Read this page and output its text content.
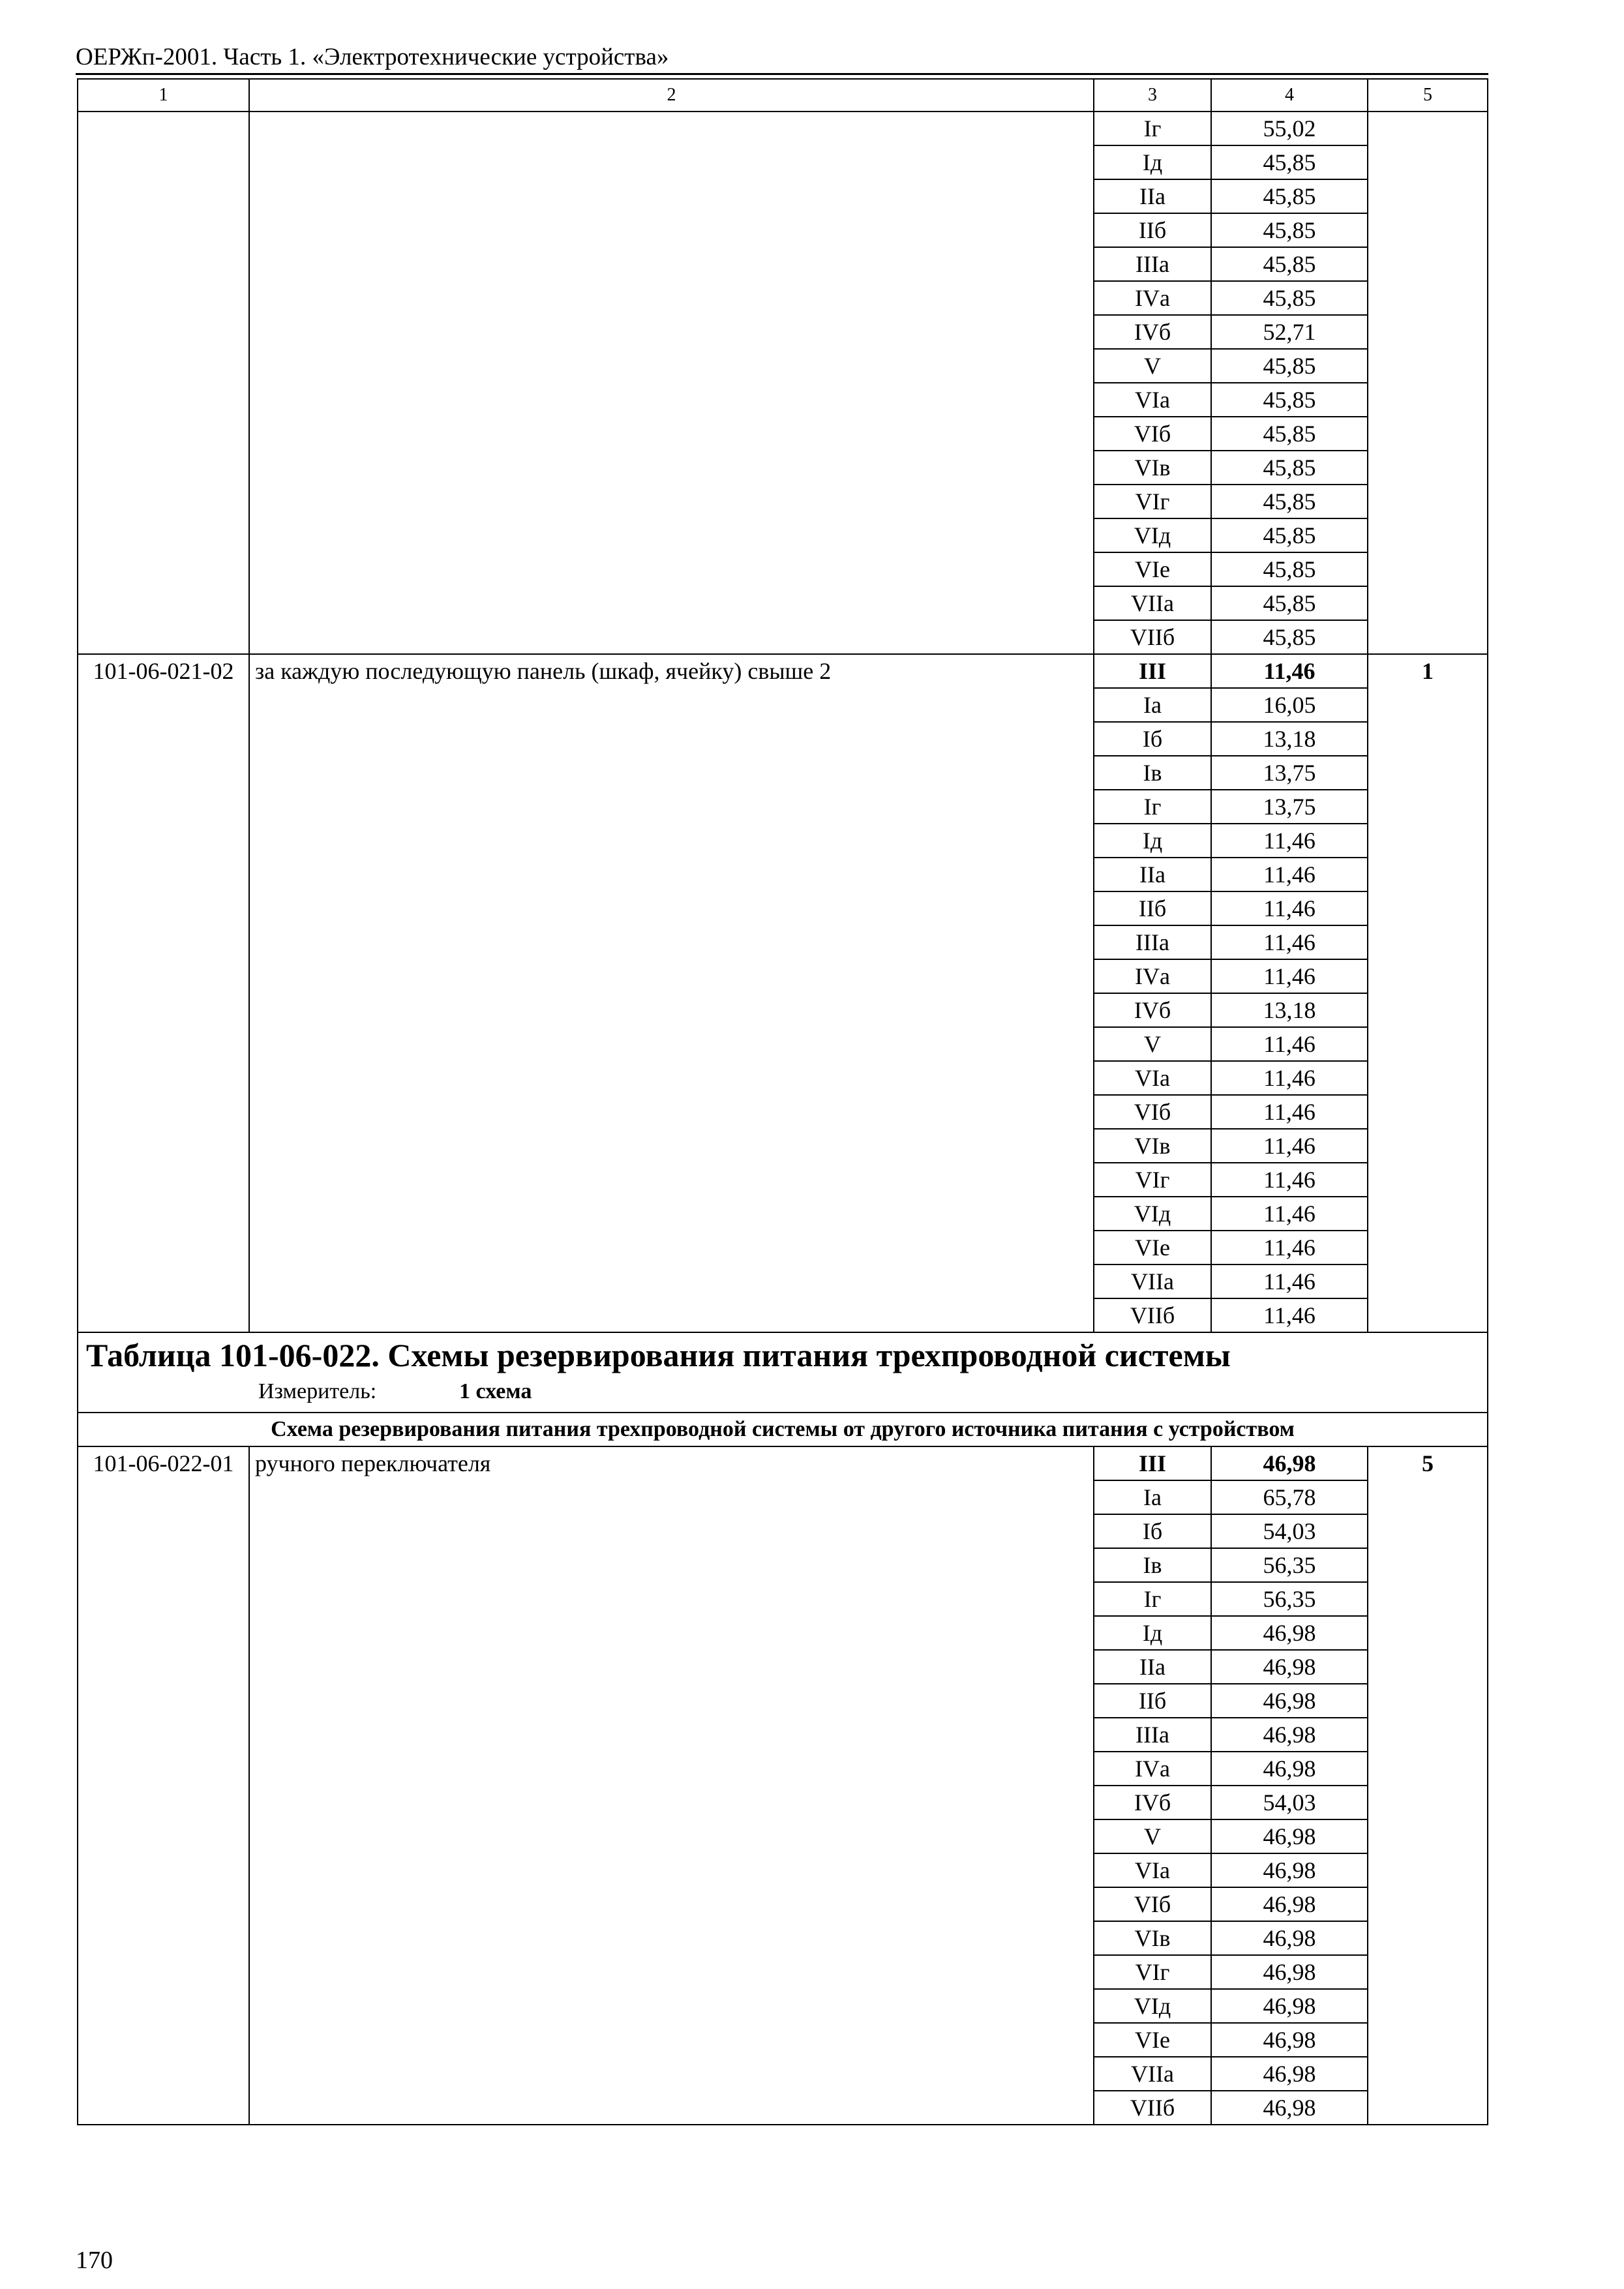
ОЕРЖп-2001. Часть 1. «Электротехнические устройства»
1	2	3	4	5
		Iг	55,02	
		Iд	45,85	
		IIа	45,85	
		IIб	45,85	
		IIIа	45,85	
		IVа	45,85	
		IVб	52,71	
		V	45,85	
		VIа	45,85	
		VIб	45,85	
		VIв	45,85	
		VIг	45,85	
		VIд	45,85	
		VIе	45,85	
		VIIа	45,85	
		VIIб	45,85	
101-06-021-02	за каждую последующую панель (шкаф, ячейку) свыше 2	III	11,46	1
		Iа	16,05	
		Iб	13,18	
		Iв	13,75	
		Iг	13,75	
		Iд	11,46	
		IIа	11,46	
		IIб	11,46	
		IIIа	11,46	
		IVа	11,46	
		IVб	13,18	
		V	11,46	
		VIа	11,46	
		VIб	11,46	
		VIв	11,46	
		VIг	11,46	
		VIд	11,46	
		VIе	11,46	
		VIIа	11,46	
		VIIб	11,46	

Таблица 101-06-022. Схемы резервирования питания трехпроводной системы
Измеритель: 1 схема				

Схема резервирования питания трехпроводной системы от другого источника питания с устройством				
101-06-022-01	ручного переключателя	III	46,98	5
		Iа	65,78	
		Iб	54,03	
		Iв	56,35	
		Iг	56,35	
		Iд	46,98	
		IIа	46,98	
		IIб	46,98	
		IIIа	46,98	
		IVа	46,98	
		IVб	54,03	
		V	46,98	
		VIа	46,98	
		VIб	46,98	
		VIв	46,98	
		VIг	46,98	
		VIд	46,98	
		VIе	46,98	
		VIIа	46,98	
		VIIб	46,98	
170
